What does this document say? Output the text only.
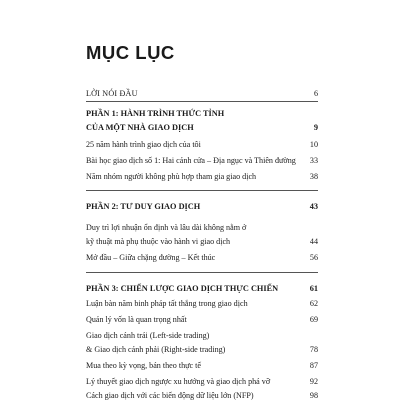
MỤC LỤC
LỜI NÓI ĐẦU	6
PHẦN 1: HÀNH TRÌNH THỨC TỈNH
CỦA MỘT NHÀ GIAO DỊCH	9
25 năm hành trình giao dịch của tôi	10
Bài học giao dịch số 1: Hai cảnh cửa – Địa ngục và Thiên đường 33
Năm nhóm người không phù hợp tham gia giao dịch	38
PHẦN 2: TƯ DUY GIAO DỊCH	43
Duy trì lợi nhuận ổn định và lâu dài không nằm ở
kỹ thuật mà phụ thuộc vào hành vi giao dịch	44
Mở đầu – Giữa chặng đường – Kết thúc	56
PHẦN 3: CHIẾN LƯỢC GIAO DỊCH THỰC CHIẾN	61
Luận bàn năm binh pháp tất thắng trong giao dịch	62
Quản lý vốn là quan trọng nhất	69
Giao dịch cánh trái (Left-side trading)
& Giao dịch cánh phải (Right-side trading)	78
Mua theo kỳ vọng, bán theo thực tế	87
Lý thuyết giao dịch ngược xu hướng và giao dịch phá vỡ	92
Cách giao dịch với các biến động dữ liệu lớn (NFP)	98
